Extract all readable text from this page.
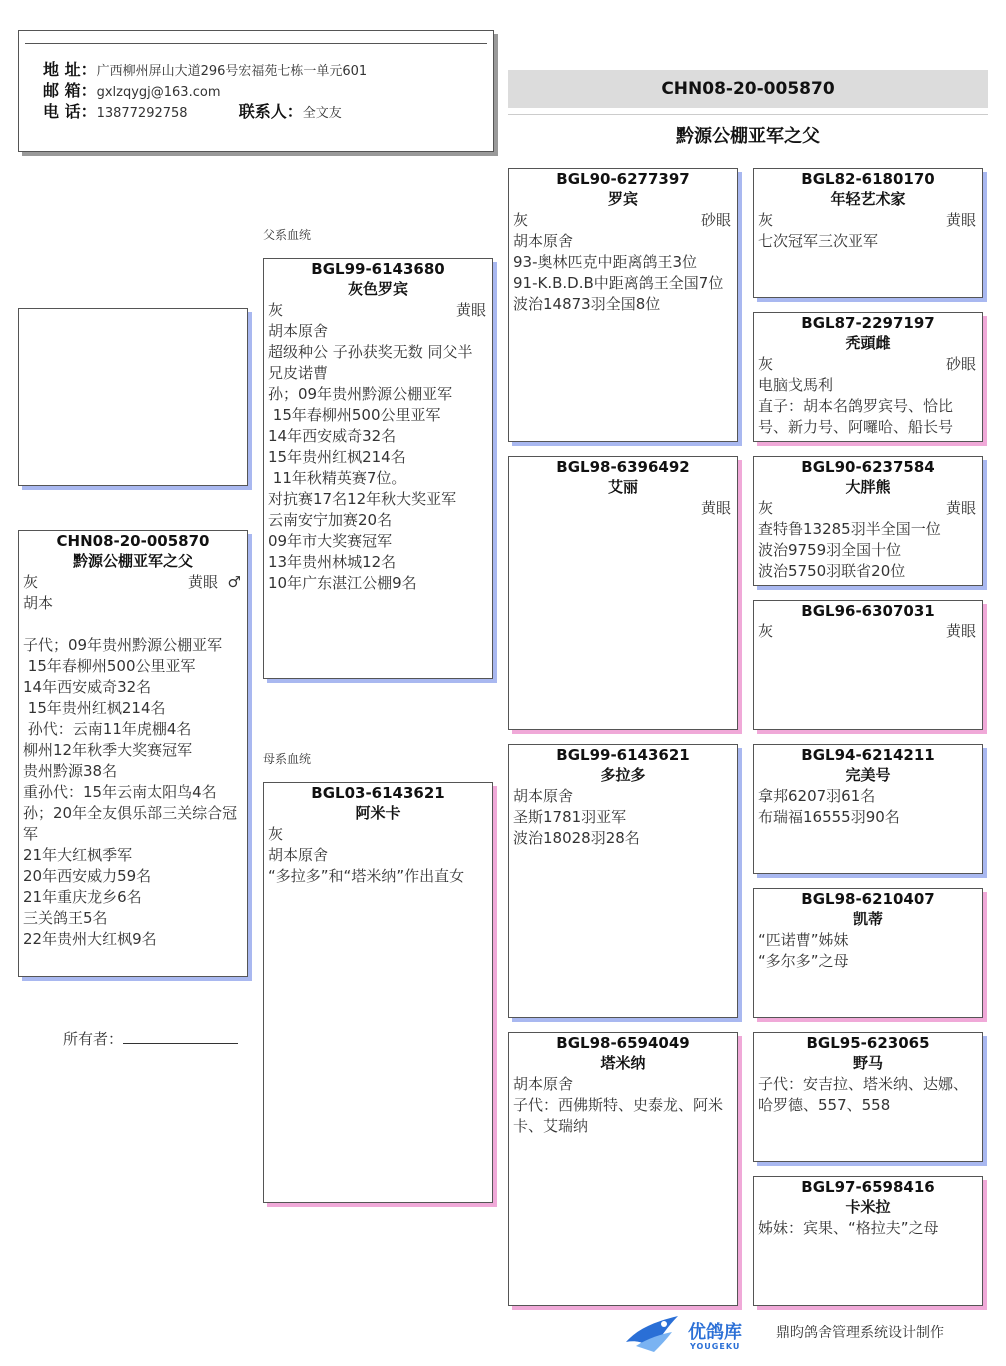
地 址：广西柳州屏山大道296号宏福苑七栋一单元601
邮 箱：gxlzqygj@163.com
电 话：13877292758	联系人：全文友
CHN08-20-005870
黔源公棚亚军之父
CHN08-20-005870
黔源公棚亚军之父
灰	黄眼 ♂
胡本
子代；09年贵州黔源公棚亚军
15年春柳州500公里亚军
14年西安威奇32名
15年贵州红枫214名
孙代：云南11年虎棚4名
柳州12年秋季大奖赛冠军
贵州黔源38名
重孙代：15年云南太阳鸟4名
孙；20年全友俱乐部三关综合冠军
21年大红枫季军
20年西安威力59名
21年重庆龙乡6名
三关鸽王5名
22年贵州大红枫9名
父系血统
母系血统
BGL99-6143680
灰色罗宾
灰	黄眼
胡本原舍
超级种公 子孙获奖无数 同父半兄皮诺曹
孙；09年贵州黔源公棚亚军
15年春柳州500公里亚军
14年西安威奇32名
15年贵州红枫214名
11年秋精英赛7位。
对抗赛17名12年秋大奖亚军
云南安宁加赛20名
09年市大奖赛冠军
13年贵州林城12名
10年广东湛江公棚9名
BGL03-6143621
阿米卡
灰
胡本原舍
“多拉多”和“塔米纳”作出直女
BGL90-6277397
罗宾
灰	砂眼
胡本原舍
93-奥林匹克中距离鸽王3位
91-K.B.D.B中距离鸽王全国7位
波治14873羽全国8位
BGL98-6396492
艾丽
黄眼
BGL99-6143621
多拉多
胡本原舍
圣斯1781羽亚军
波治18028羽28名
BGL98-6594049
塔米纳
胡本原舍
子代：西佛斯特、史泰龙、阿米卡、艾瑞纳
BGL82-6180170
年轻艺术家
灰	黄眼
七次冠军三次亚军
BGL87-2297197
秃頭雌
灰	砂眼
电脑戈馬利
直子：胡本名鸽罗宾号、恰比号、新力号、阿囉哈、船长号
BGL90-6237584
大胖熊
灰	黄眼
查特鲁13285羽半全国一位
波治9759羽全国十位
波治5750羽联省20位
BGL96-6307031
灰	黄眼
BGL94-6214211
完美号
拿邦6207羽61名
布瑞福16555羽90名
BGL98-6210407
凯蒂
“匹诺曹”姊妹
“多尔多”之母
BGL95-623065
野马
子代：安吉拉、塔米纳、达娜、哈罗德、557、558
BGL97-6598416
卡米拉
姊妹：宾果、“格拉夫”之母
所有者：
优鸽库
YOUGEKU
鼎昀鸽舍管理系统设计制作
